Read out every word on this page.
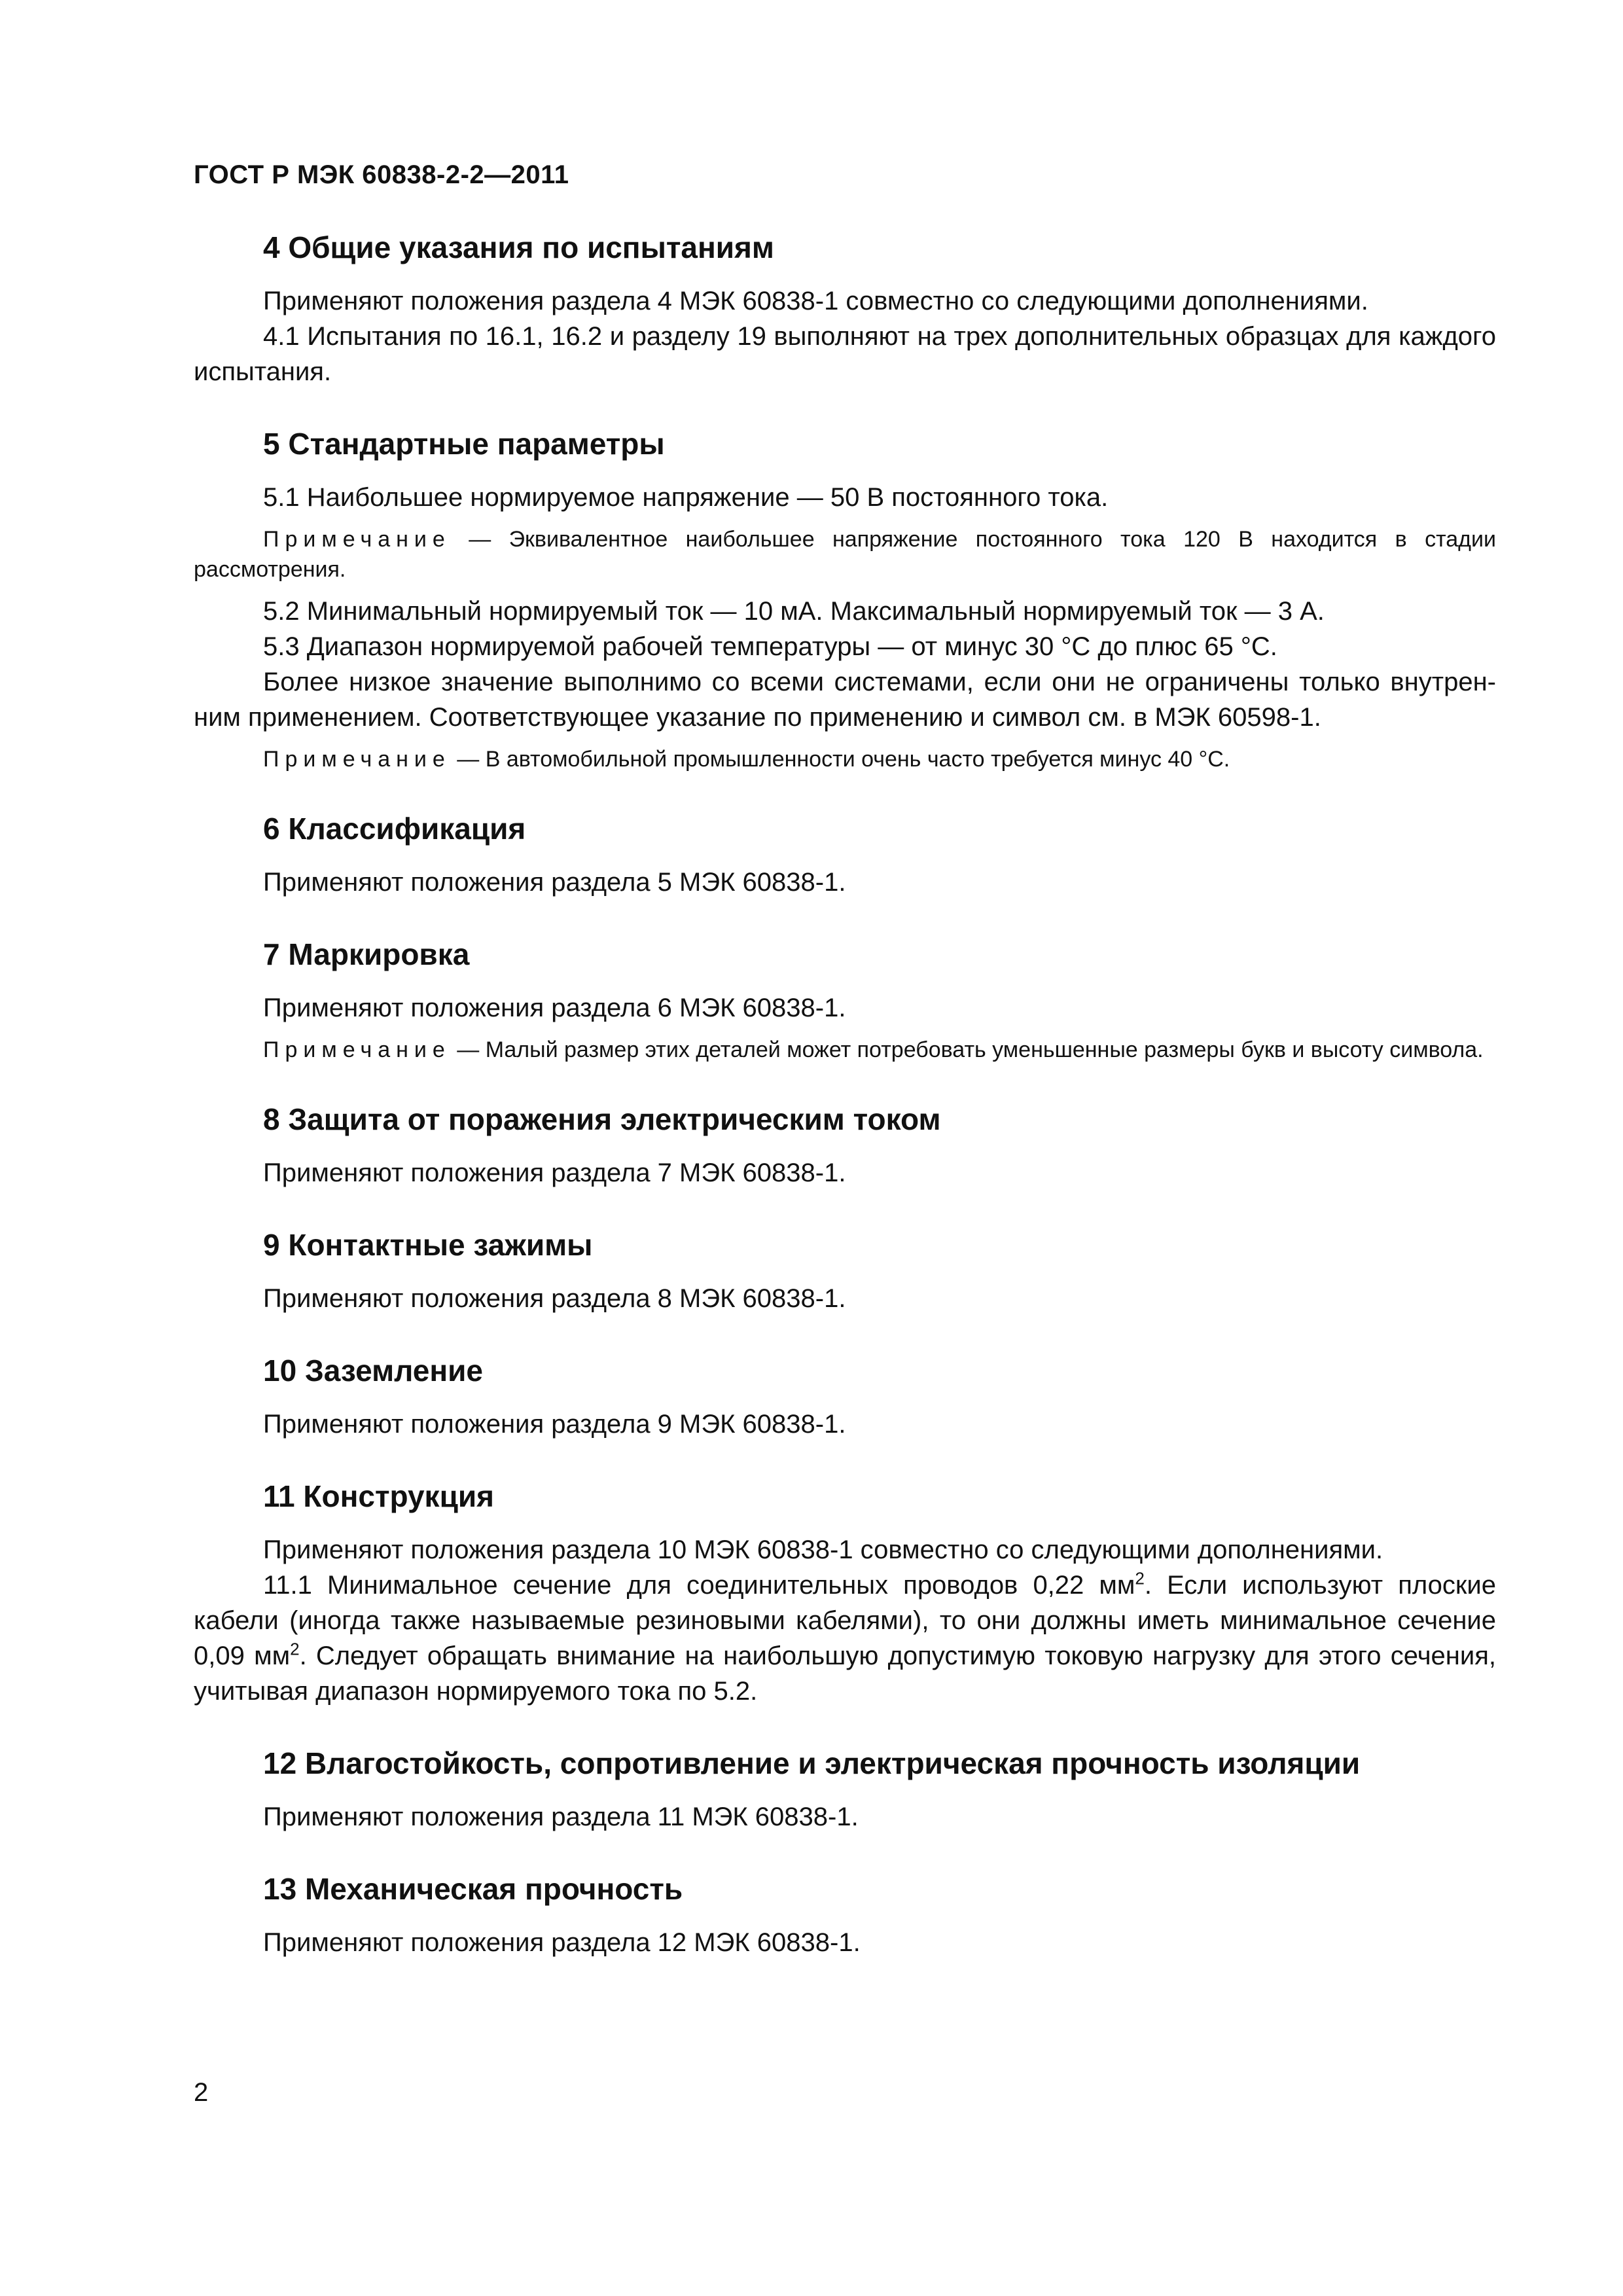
ГОСТ Р МЭК 60838-2-2—2011
4 Общие указания по испытаниям

Применяют положения раздела 4 МЭК 60838-1 совместно со следующими дополнениями.

4.1 Испытания по 16.1, 16.2 и разделу 19 выполняют на трех дополнительных образцах для каждого испытания.

5 Стандартные параметры

5.1 Наибольшее нормируемое напряжение — 50 В постоянного тока.

Примечание — Эквивалентное наибольшее напряжение постоянного тока 120 В находится в стадии рассмотрения.

5.2 Минимальный нормируемый ток — 10 мА. Максимальный нормируемый ток — 3 А.

5.3 Диапазон нормируемой рабочей температуры — от минус 30 °С до плюс 65 °С.

Более низкое значение выполнимо со всеми системами, если они не ограничены только внутренним применением. Соответствующее указание по применению и символ см. в МЭК 60598-1.

Примечание — В автомобильной промышленности очень часто требуется минус 40 °С.

6 Классификация

Применяют положения раздела 5 МЭК 60838-1.

7 Маркировка

Применяют положения раздела 6 МЭК 60838-1.

Примечание — Малый размер этих деталей может потребовать уменьшенные размеры букв и высоту символа.

8 Защита от поражения электрическим током

Применяют положения раздела 7 МЭК 60838-1.

9 Контактные зажимы

Применяют положения раздела 8 МЭК 60838-1.

10 Заземление

Применяют положения раздела 9 МЭК 60838-1.

11 Конструкция

Применяют положения раздела 10 МЭК 60838-1 совместно со следующими дополнениями.

11.1 Минимальное сечение для соединительных проводов 0,22 $мм^2$. Если используют плоские кабели (иногда также называемые резиновыми кабелями), то они должны иметь минимальное сечение 0,09 $мм^2$. Следует обращать внимание на наибольшую допустимую токовую нагрузку для этого сечения, учитывая диапазон нормируемого тока по 5.2.

12 Влагостойкость, сопротивление и электрическая прочность изоляции

Применяют положения раздела 11 МЭК 60838-1.

13 Механическая прочность

Применяют положения раздела 12 МЭК 60838-1.

2
